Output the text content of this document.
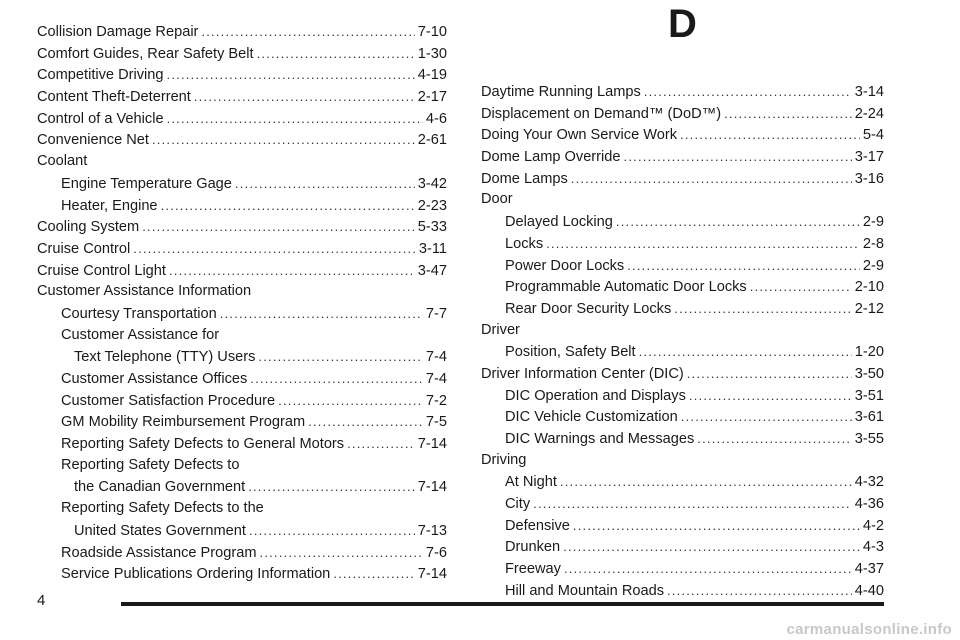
Collision Damage Repair .....	7-10
Comfort Guides, Rear Safety Belt .....	1-30
Competitive Driving .....	4-19
Content Theft-Deterrent .....	2-17
Control of a Vehicle .....	4-6
Convenience Net .....	2-61
Coolant
Engine Temperature Gage .....	3-42
Heater, Engine .....	2-23
Cooling System .....	5-33
Cruise Control .....	3-11
Cruise Control Light .....	3-47
Customer Assistance Information
Courtesy Transportation .....	7-7
Customer Assistance for
Text Telephone (TTY) Users .....	7-4
Customer Assistance Offices .....	7-4
Customer Satisfaction Procedure .....	7-2
GM Mobility Reimbursement Program .....	7-5
Reporting Safety Defects to General Motors .....	7-14
Reporting Safety Defects to
the Canadian Government .....	7-14
Reporting Safety Defects to the
United States Government .....	7-13
Roadside Assistance Program .....	7-6
Service Publications Ordering Information .....	7-14
D
Daytime Running Lamps .....	3-14
Displacement on Demand™ (DoD™) .....	2-24
Doing Your Own Service Work .....	5-4
Dome Lamp Override .....	3-17
Dome Lamps .....	3-16
Door
Delayed Locking .....	2-9
Locks .....	2-8
Power Door Locks .....	2-9
Programmable Automatic Door Locks .....	2-10
Rear Door Security Locks .....	2-12
Driver
Position, Safety Belt .....	1-20
Driver Information Center (DIC) .....	3-50
DIC Operation and Displays .....	3-51
DIC Vehicle Customization .....	3-61
DIC Warnings and Messages .....	3-55
Driving
At Night .....	4-32
City .....	4-36
Defensive .....	4-2
Drunken .....	4-3
Freeway .....	4-37
Hill and Mountain Roads .....	4-40
4
carmanualsonline.info
